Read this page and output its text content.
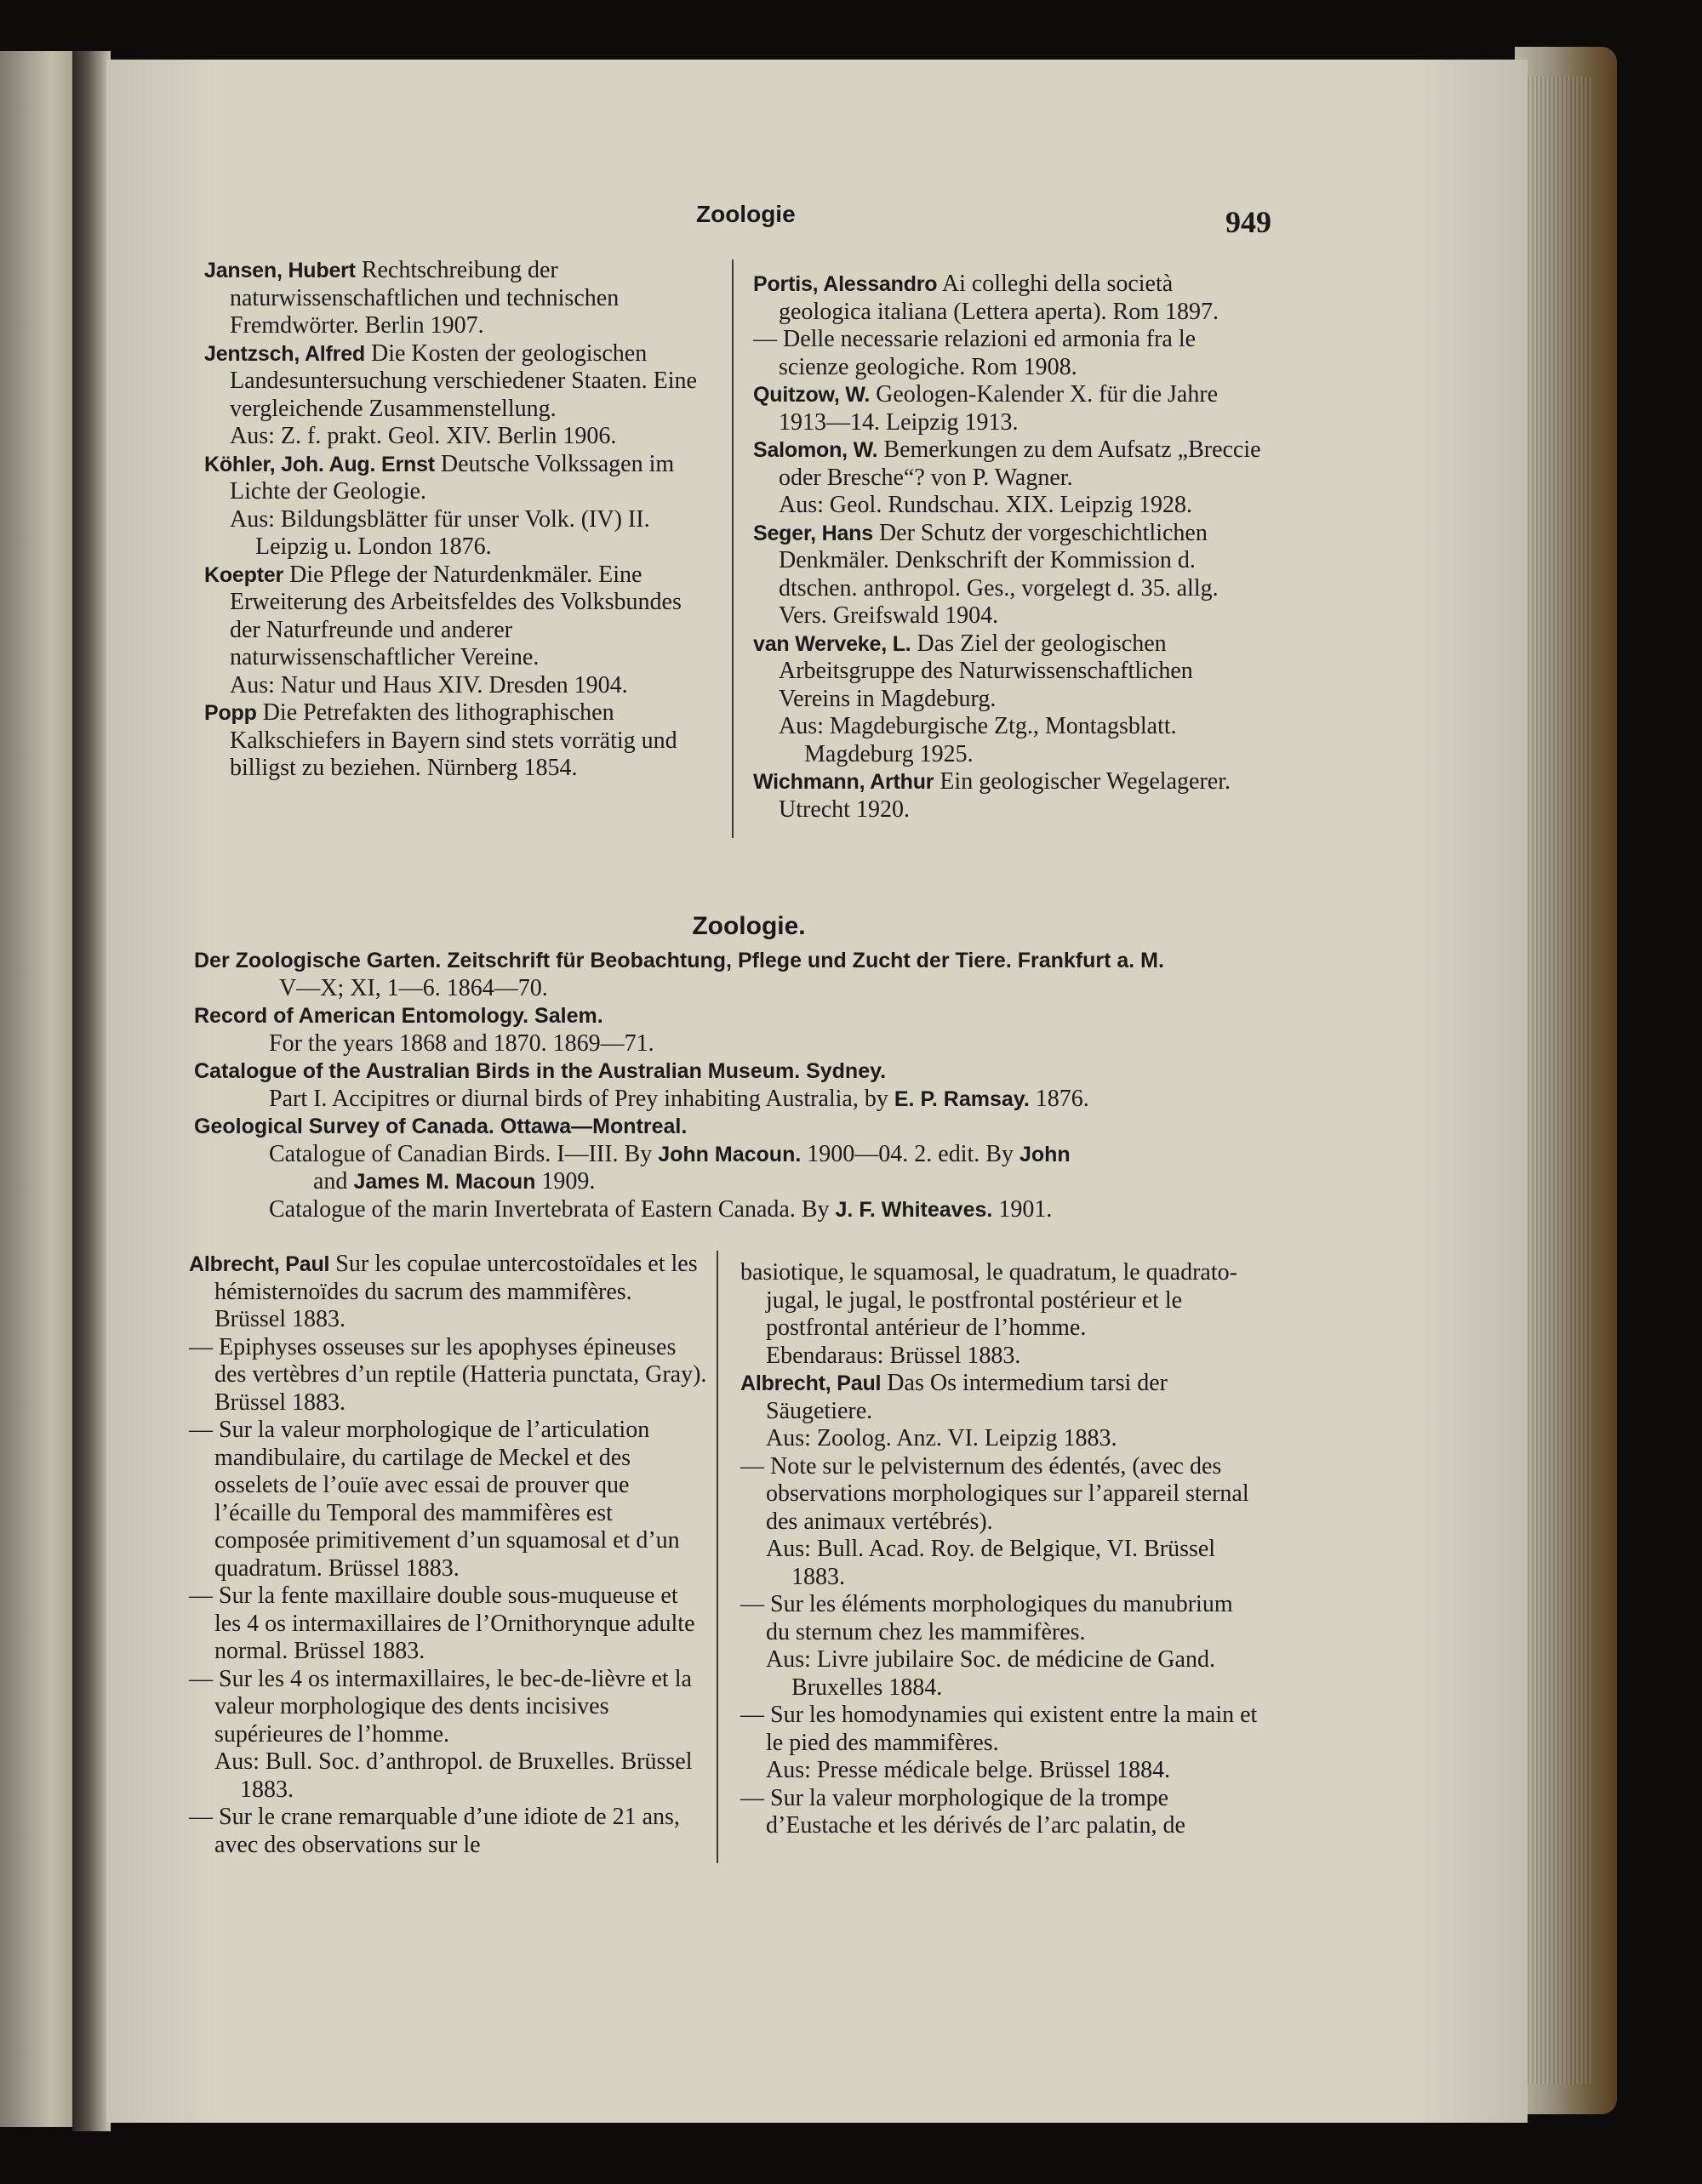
Zoologie	949
Jansen, Hubert Rechtschreibung der naturwissenschaftlichen und technischen Fremdwörter. Berlin 1907.
Jentzsch, Alfred Die Kosten der geologischen Landesuntersuchung verschiedener Staaten. Eine vergleichende Zusammenstellung.
Aus: Z. f. prakt. Geol. XIV. Berlin 1906.
Köhler, Joh. Aug. Ernst Deutsche Volkssagen im Lichte der Geologie.
Aus: Bildungsblätter für unser Volk. (IV) II. Leipzig u. London 1876.
Koepter Die Pflege der Naturdenkmäler. Eine Erweiterung des Arbeitsfeldes des Volksbundes der Naturfreunde und anderer naturwissenschaftlicher Vereine.
Aus: Natur und Haus XIV. Dresden 1904.
Popp Die Petrefakten des lithographischen Kalkschiefers in Bayern sind stets vorrätig und billigst zu beziehen. Nürnberg 1854.
Portis, Alessandro Ai colleghi della società geologica italiana (Lettera aperta). Rom 1897.
— Delle necessarie relazioni ed armonia fra le scienze geologiche. Rom 1908.
Quitzow, W. Geologen-Kalender X. für die Jahre 1913—14. Leipzig 1913.
Salomon, W. Bemerkungen zu dem Aufsatz „Breccie oder Bresche“? von P. Wagner.
Aus: Geol. Rundschau. XIX. Leipzig 1928.
Seger, Hans Der Schutz der vorgeschichtlichen Denkmäler. Denkschrift der Kommission d. dtschen. anthropol. Ges., vorgelegt d. 35. allg. Vers. Greifswald 1904.
van Werveke, L. Das Ziel der geologischen Arbeitsgruppe des Naturwissenschaftlichen Vereins in Magdeburg.
Aus: Magdeburgische Ztg., Montagsblatt. Magdeburg 1925.
Wichmann, Arthur Ein geologischer Wegelagerer. Utrecht 1920.
Zoologie.
Der Zoologische Garten. Zeitschrift für Beobachtung, Pflege und Zucht der Tiere. Frankfurt a. M.
V—X; XI, 1—6. 1864—70.
Record of American Entomology. Salem.
For the years 1868 and 1870. 1869—71.
Catalogue of the Australian Birds in the Australian Museum. Sydney.
Part I. Accipitres or diurnal birds of Prey inhabiting Australia, by E. P. Ramsay. 1876.
Geological Survey of Canada. Ottawa—Montreal.
Catalogue of Canadian Birds. I—III. By John Macoun. 1900—04. 2. edit. By John
and James M. Macoun 1909.
Catalogue of the marin Invertebrata of Eastern Canada. By J. F. Whiteaves. 1901.
Albrecht, Paul Sur les copulae untercostoïdales et les hémisternoïdes du sacrum des mammifères. Brüssel 1883.
— Epiphyses osseuses sur les apophyses épineuses des vertèbres d’un reptile (Hatteria punctata, Gray). Brüssel 1883.
— Sur la valeur morphologique de l’articulation mandibulaire, du cartilage de Meckel et des osselets de l’ouïe avec essai de prouver que l’écaille du Temporal des mammifères est composée primitivement d’un squamosal et d’un quadratum. Brüssel 1883.
— Sur la fente maxillaire double sous-muqueuse et les 4 os intermaxillaires de l’Ornithorynque adulte normal. Brüssel 1883.
— Sur les 4 os intermaxillaires, le bec-de-lièvre et la valeur morphologique des dents incisives supérieures de l’homme.
Aus: Bull. Soc. d’anthropol. de Bruxelles. Brüssel 1883.
— Sur le crane remarquable d’une idiote de 21 ans, avec des observations sur le
basiotique, le squamosal, le quadratum, le quadrato-jugal, le jugal, le postfrontal postérieur et le postfrontal antérieur de l’homme.
Ebendaraus: Brüssel 1883.
Albrecht, Paul Das Os intermedium tarsi der Säugetiere.
Aus: Zoolog. Anz. VI. Leipzig 1883.
— Note sur le pelvisternum des édentés, (avec des observations morphologiques sur l’appareil sternal des animaux vertébrés).
Aus: Bull. Acad. Roy. de Belgique, VI. Brüssel 1883.
— Sur les éléments morphologiques du manubrium du sternum chez les mammifères.
Aus: Livre jubilaire Soc. de médicine de Gand. Bruxelles 1884.
— Sur les homodynamies qui existent entre la main et le pied des mammifères.
Aus: Presse médicale belge. Brüssel 1884.
— Sur la valeur morphologique de la trompe d’Eustache et les dérivés de l’arc palatin, de
